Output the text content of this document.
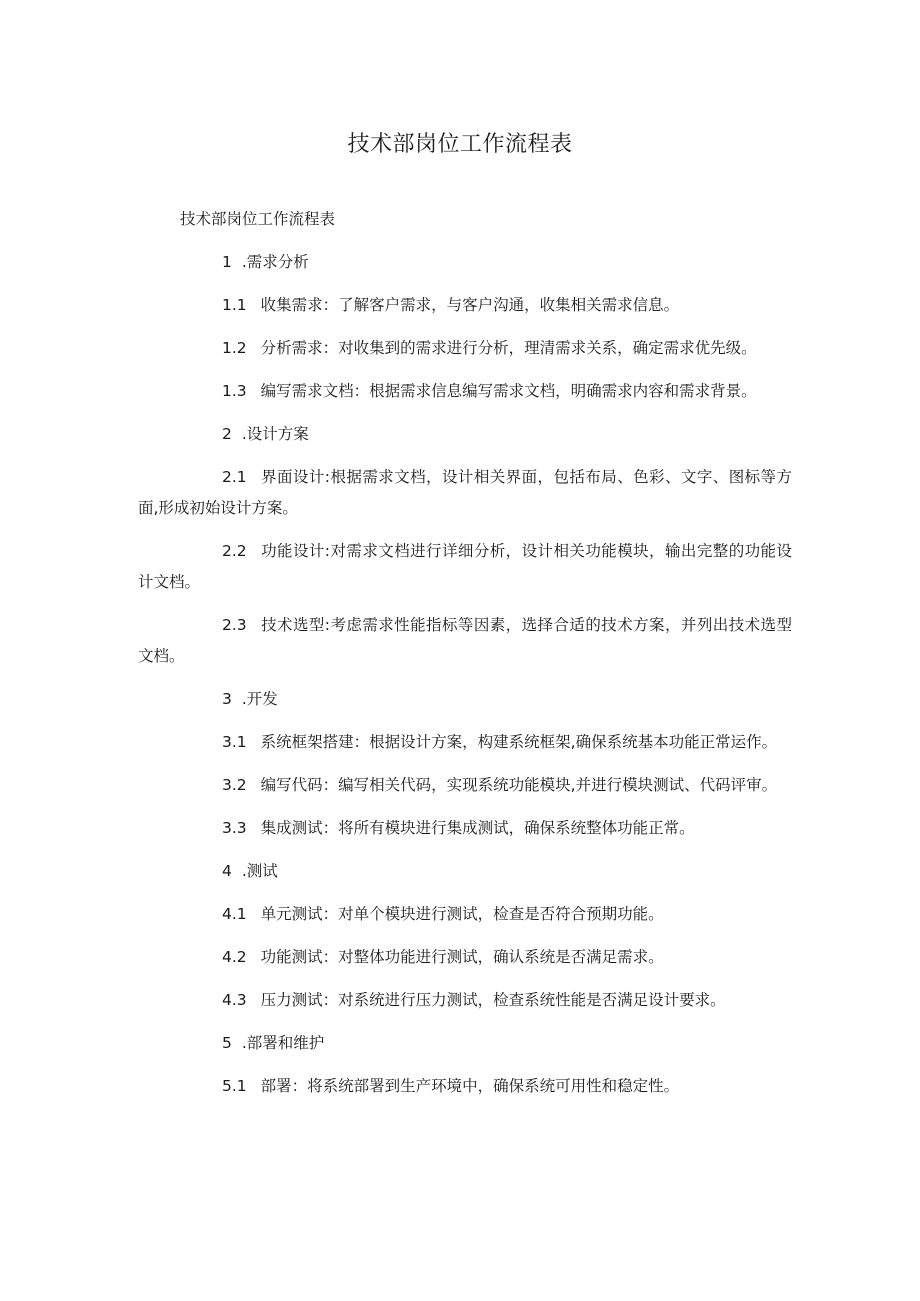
技术部岗位工作流程表

技术部岗位工作流程表

1 .需求分析

1.1 收集需求：了解客户需求，与客户沟通，收集相关需求信息。

1.2 分析需求：对收集到的需求进行分析，理清需求关系，确定需求优先级。

1.3 编写需求文档：根据需求信息编写需求文档，明确需求内容和需求背景。

2 .设计方案

2.1 界面设计:根据需求文档，设计相关界面，包括布局、色彩、文字、图标等方面,形成初始设计方案。

2.2 功能设计:对需求文档进行详细分析，设计相关功能模块，输出完整的功能设计文档。

2.3 技术选型:考虑需求性能指标等因素，选择合适的技术方案，并列出技术选型文档。

3 .开发

3.1 系统框架搭建：根据设计方案，构建系统框架,确保系统基本功能正常运作。

3.2 编写代码：编写相关代码，实现系统功能模块,并进行模块测试、代码评审。

3.3 集成测试：将所有模块进行集成测试，确保系统整体功能正常。

4 .测试

4.1 单元测试：对单个模块进行测试，检查是否符合预期功能。

4.2 功能测试：对整体功能进行测试，确认系统是否满足需求。

4.3 压力测试：对系统进行压力测试，检查系统性能是否满足设计要求。

5 .部署和维护

5.1 部署：将系统部署到生产环境中，确保系统可用性和稳定性。
